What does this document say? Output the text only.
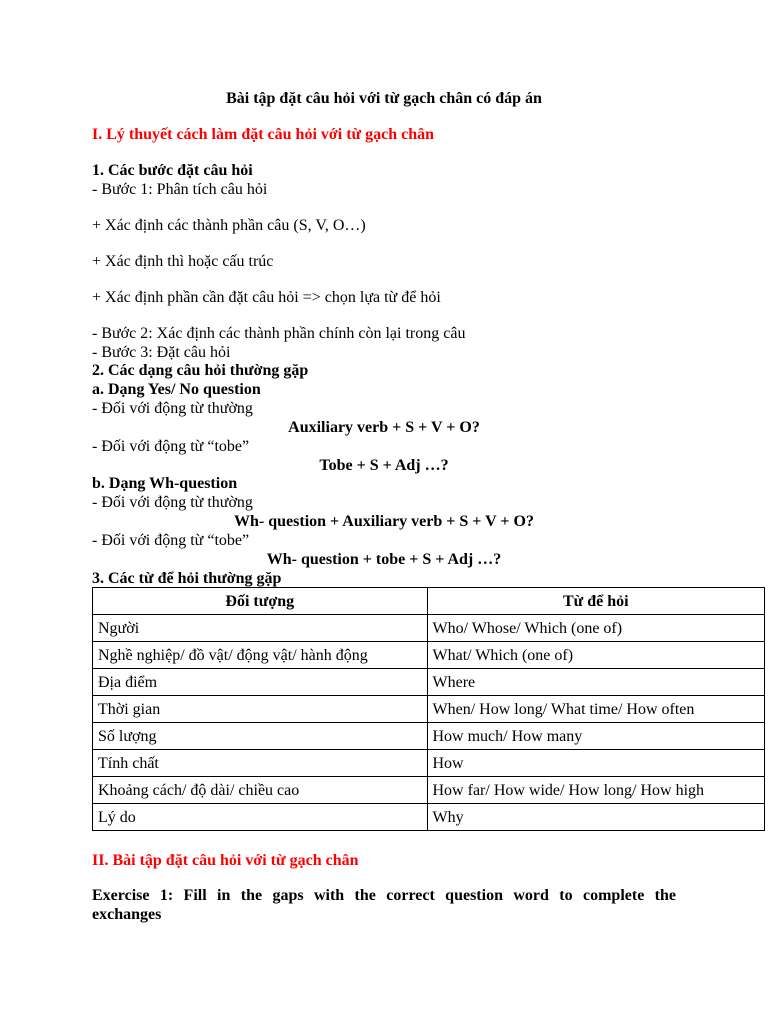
Bài tập đặt câu hỏi với từ gạch chân có đáp án
I. Lý thuyết cách làm đặt câu hỏi với từ gạch chân
1. Các bước đặt câu hỏi
- Bước 1: Phân tích câu hỏi
+ Xác định các thành phần câu (S, V, O…)
+ Xác định thì hoặc cấu trúc
+ Xác định phần cần đặt câu hỏi => chọn lựa từ để hỏi
- Bước 2: Xác định các thành phần chính còn lại trong câu
- Bước 3: Đặt câu hỏi
2. Các dạng câu hỏi thường gặp
a. Dạng Yes/ No question
- Đối với động từ thường
Auxiliary verb + S + V + O?
- Đối với động từ “tobe”
Tobe + S + Adj …?
b. Dạng Wh-question
- Đối với động từ thường
Wh- question + Auxiliary verb + S + V + O?
- Đối với động từ “tobe”
Wh- question + tobe + S + Adj …?
3. Các từ để hỏi thường gặp
Đối tượng	Từ để hỏi
Người	Who/ Whose/ Which (one of)
Nghề nghiệp/ đồ vật/ động vật/ hành động	What/ Which (one of)
Địa điểm	Where
Thời gian	When/ How long/ What time/ How often
Số lượng	How much/ How many
Tính chất	How
Khoảng cách/ độ dài/ chiều cao	How far/ How wide/ How long/ How high
Lý do	Why
II. Bài tập đặt câu hỏi với từ gạch chân
Exercise 1: Fill in the gaps with the correct question word to complete the
exchanges
